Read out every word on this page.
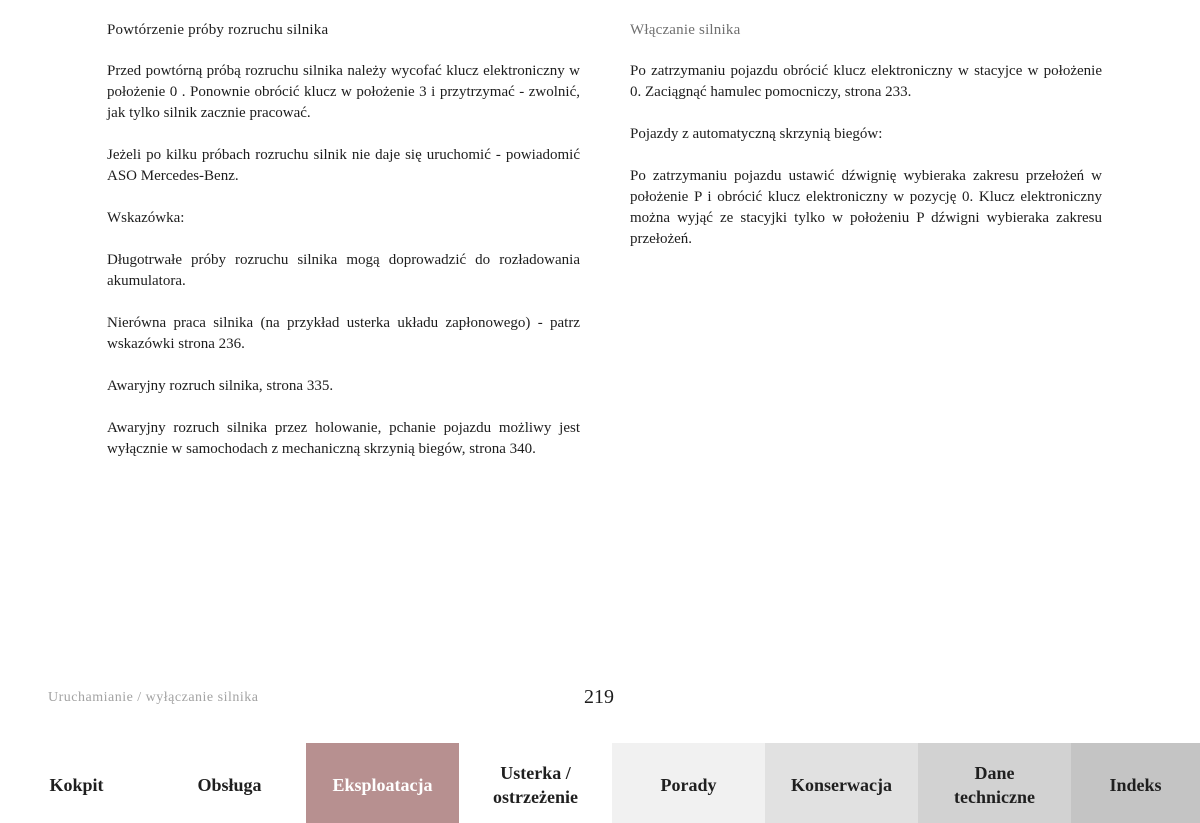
Powtórzenie próby rozruchu silnika

Przed powtórną próbą rozruchu silnika należy wycofać klucz elektroniczny w położenie 0 . Ponownie obrócić klucz w położenie 3 i przytrzymać - zwolnić, jak tylko silnik zacznie pracować.

Jeżeli po kilku próbach rozruchu silnik nie daje się uruchomić - powiadomić ASO Mercedes-Benz.

Wskazówka:

Długotrwałe próby rozruchu silnika mogą doprowadzić do rozładowania akumulatora.

Nierówna praca silnika (na przykład usterka układu zapłonowego) - patrz wskazówki strona 236.

Awaryjny rozruch silnika, strona 335.

Awaryjny rozruch silnika przez holowanie, pchanie pojazdu możliwy jest wyłącznie w samochodach z mechaniczną skrzynią biegów, strona 340.

Włączanie silnika

Po zatrzymaniu pojazdu obrócić klucz elektroniczny w stacyjce w położenie 0. Zaciągnąć hamulec pomocniczy, strona 233.

Pojazdy z automatyczną skrzynią biegów:

Po zatrzymaniu pojazdu ustawić dźwignię wybieraka zakresu przełożeń w położenie P i obrócić klucz elektroniczny w pozycję 0. Klucz elektroniczny można wyjąć ze stacyjki tylko w położeniu P dźwigni wybieraka zakresu przełożeń.

Uruchamianie / wyłączanie silnika	219
Kokpit	Obsługa	Eksploatacja
Usterka /
ostrzeżenie
Porady	Konserwacja
Dane
techniczne
Indeks
